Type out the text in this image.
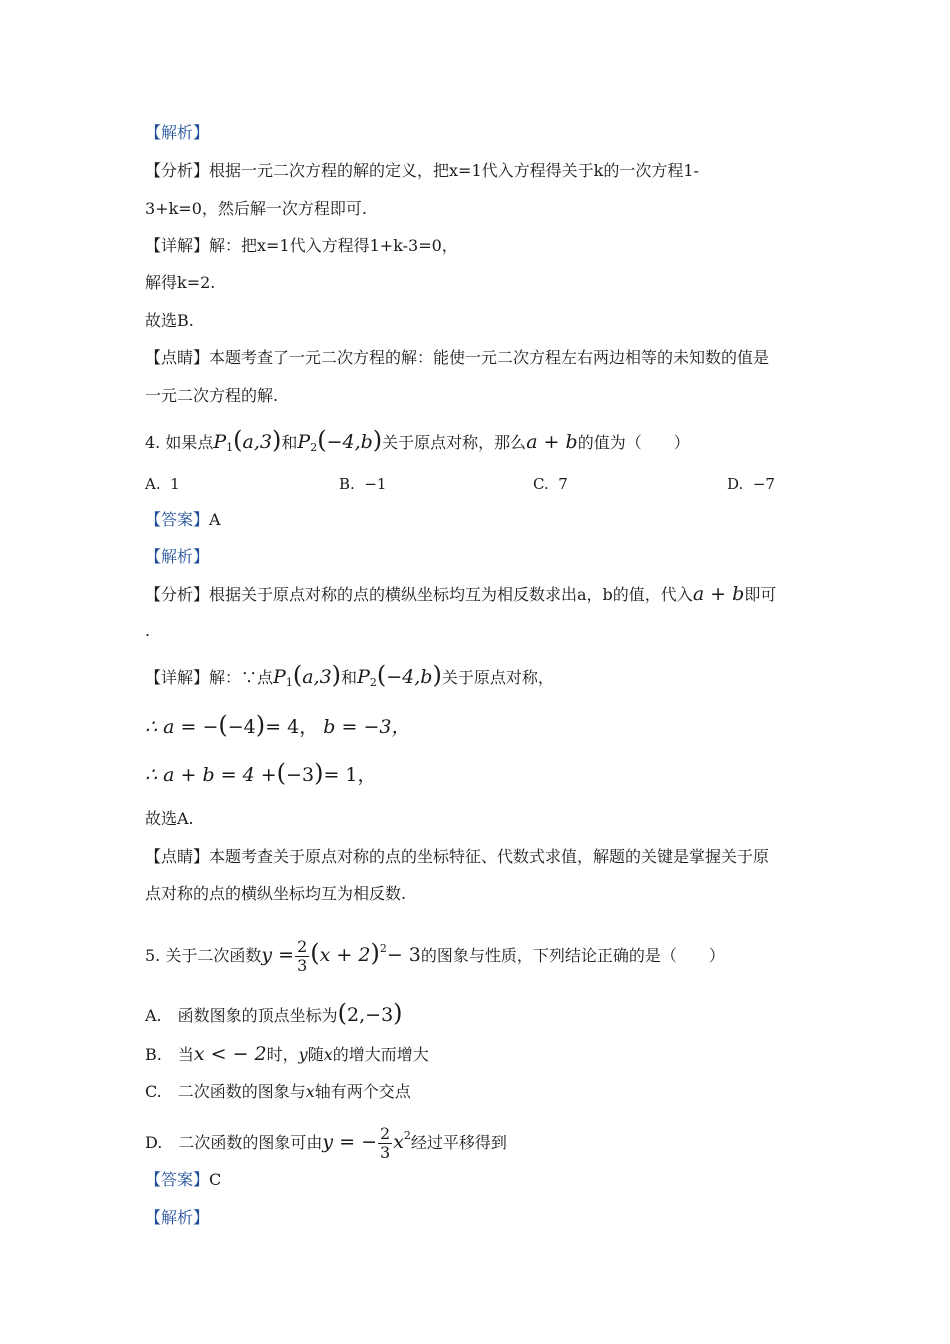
【解析】
【分析】根据一元二次方程的解的定义，把x=1代入方程得关于k的一次方程1-
3+k=0，然后解一次方程即可.
【详解】解：把x=1代入方程得1+k-3=0，
解得k=2.
故选B.
【点睛】本题考查了一元二次方程的解：能使一元二次方程左右两边相等的未知数的值是
一元二次方程的解.
4. 如果点$P_1(a,3)$和$P_2(-4,b)$关于原点对称，那么a + b的值为（　　）
A. 1	B. −1	C. 7	D. −7
【答案】A
【解析】
【分析】根据关于原点对称的点的横纵坐标均互为相反数求出a，b的值，代入a + b即可
.
【详解】解：∵点$P_1(a,3)$和$P_2(-4,b)$关于原点对称，
∴ a = −(−4)= 4， b = −3，
∴ a + b = 4 +(−3)= 1，
故选A.
【点睛】本题考查关于原点对称的点的坐标特征、代数式求值，解题的关键是掌握关于原
点对称的点的横纵坐标均互为相反数.
5. 关于二次函数$y = \frac{2}{3} (x + 2)^2- 3$的图象与性质，下列结论正确的是（　　）
A.　函数图象的顶点坐标为(2,−3)
B.　当x < − 2时，y随x的增大而增大
C.　二次函数的图象与x轴有两个交点
D.　二次函数的图象可由y = − $\frac{2}{3} x^2$经过平移得到
【答案】C
【解析】
